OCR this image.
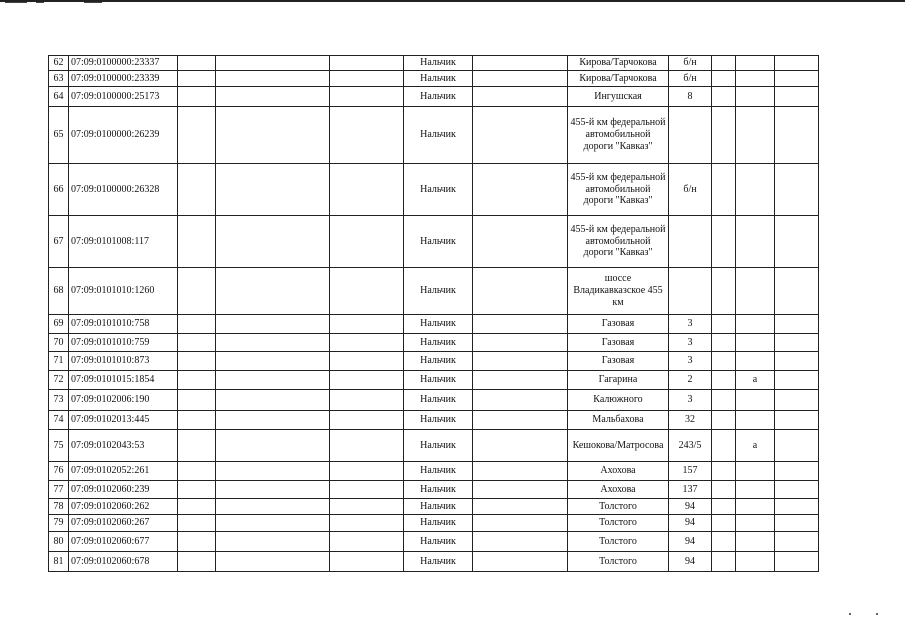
62	07:09:0100000:23337				Нальчик		Кирова/Тарчокова	б/н			
63	07:09:0100000:23339				Нальчик		Кирова/Тарчокова	б/н			
64	07:09:0100000:25173				Нальчик		Ингушская	8			
65	07:09:0100000:26239				Нальчик		455-й км федеральной автомобильной дороги "Кавказ"				
66	07:09:0100000:26328				Нальчик		455-й км федеральной автомобильной дороги "Кавказ"	б/н			
67	07:09:0101008:117				Нальчик		455-й км федеральной автомобильной дороги "Кавказ"				
68	07:09:0101010:1260				Нальчик		шоссе Владикавказское 455 км				
69	07:09:0101010:758				Нальчик		Газовая	3			
70	07:09:0101010:759				Нальчик		Газовая	3			
71	07:09:0101010:873				Нальчик		Газовая	3			
72	07:09:0101015:1854				Нальчик		Гагарина	2		а	
73	07:09:0102006:190				Нальчик		Калюжного	3			
74	07:09:0102013:445				Нальчик		Мальбахова	32			
75	07:09:0102043:53				Нальчик		Кешокова/Матросова	243/5		а	
76	07:09:0102052:261				Нальчик		Ахохова	157			
77	07:09:0102060:239				Нальчик		Ахохова	137			
78	07:09:0102060:262				Нальчик		Толстого	94			
79	07:09:0102060:267				Нальчик		Толстого	94			
80	07:09:0102060:677				Нальчик		Толстого	94			
81	07:09:0102060:678				Нальчик		Толстого	94			
